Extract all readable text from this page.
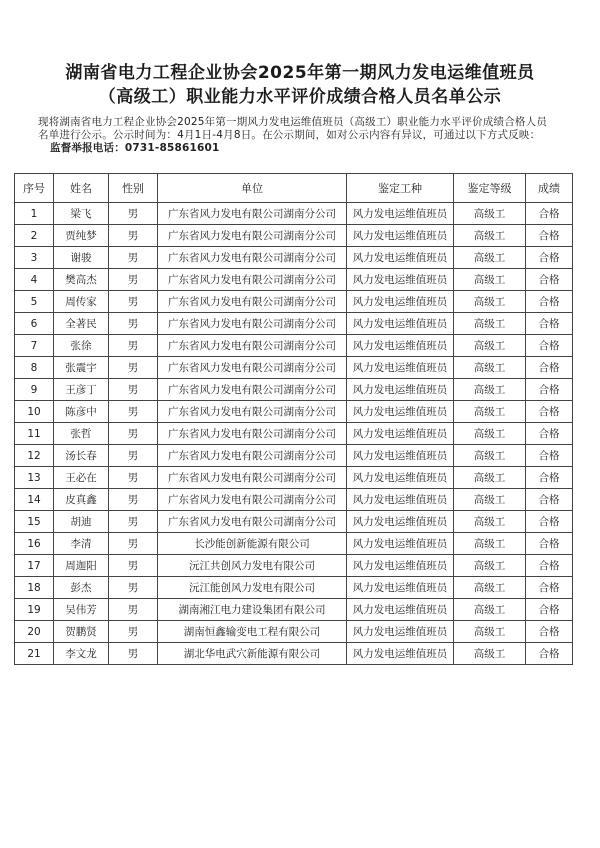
湖南省电力工程企业协会2025年第一期风力发电运维值班员
（高级工）职业能力水平评价成绩合格人员名单公示

现将湖南省电力工程企业协会2025年第一期风力发电运维值班员（高级工）职业能力水平评价成绩合格人员

名单进行公示。公示时间为：4月1日-4月8日。在公示期间，如对公示内容有异议，可通过以下方式反映：

监督举报电话：0731-85861601

序号	姓名	性别	单位	鉴定工种	鉴定等级	成绩
1	梁飞	男	广东省风力发电有限公司湖南分公司	风力发电运维值班员	高级工	合格
2	贾纯梦	男	广东省风力发电有限公司湖南分公司	风力发电运维值班员	高级工	合格
3	谢骏	男	广东省风力发电有限公司湖南分公司	风力发电运维值班员	高级工	合格
4	樊高杰	男	广东省风力发电有限公司湖南分公司	风力发电运维值班员	高级工	合格
5	周传家	男	广东省风力发电有限公司湖南分公司	风力发电运维值班员	高级工	合格
6	全著民	男	广东省风力发电有限公司湖南分公司	风力发电运维值班员	高级工	合格
7	张徐	男	广东省风力发电有限公司湖南分公司	风力发电运维值班员	高级工	合格
8	张震宇	男	广东省风力发电有限公司湖南分公司	风力发电运维值班员	高级工	合格
9	王彦丁	男	广东省风力发电有限公司湖南分公司	风力发电运维值班员	高级工	合格
10	陈彦中	男	广东省风力发电有限公司湖南分公司	风力发电运维值班员	高级工	合格
11	张哲	男	广东省风力发电有限公司湖南分公司	风力发电运维值班员	高级工	合格
12	汤长春	男	广东省风力发电有限公司湖南分公司	风力发电运维值班员	高级工	合格
13	王必在	男	广东省风力发电有限公司湖南分公司	风力发电运维值班员	高级工	合格
14	皮真鑫	男	广东省风力发电有限公司湖南分公司	风力发电运维值班员	高级工	合格
15	胡迪	男	广东省风力发电有限公司湖南分公司	风力发电运维值班员	高级工	合格
16	李清	男	长沙能创新能源有限公司	风力发电运维值班员	高级工	合格
17	周迦阳	男	沅江共创风力发电有限公司	风力发电运维值班员	高级工	合格
18	彭杰	男	沅江能创风力发电有限公司	风力发电运维值班员	高级工	合格
19	吴伟芳	男	湖南湘江电力建设集团有限公司	风力发电运维值班员	高级工	合格
20	贺鹏贤	男	湖南恒鑫输变电工程有限公司	风力发电运维值班员	高级工	合格
21	李文龙	男	湖北华电武穴新能源有限公司	风力发电运维值班员	高级工	合格
